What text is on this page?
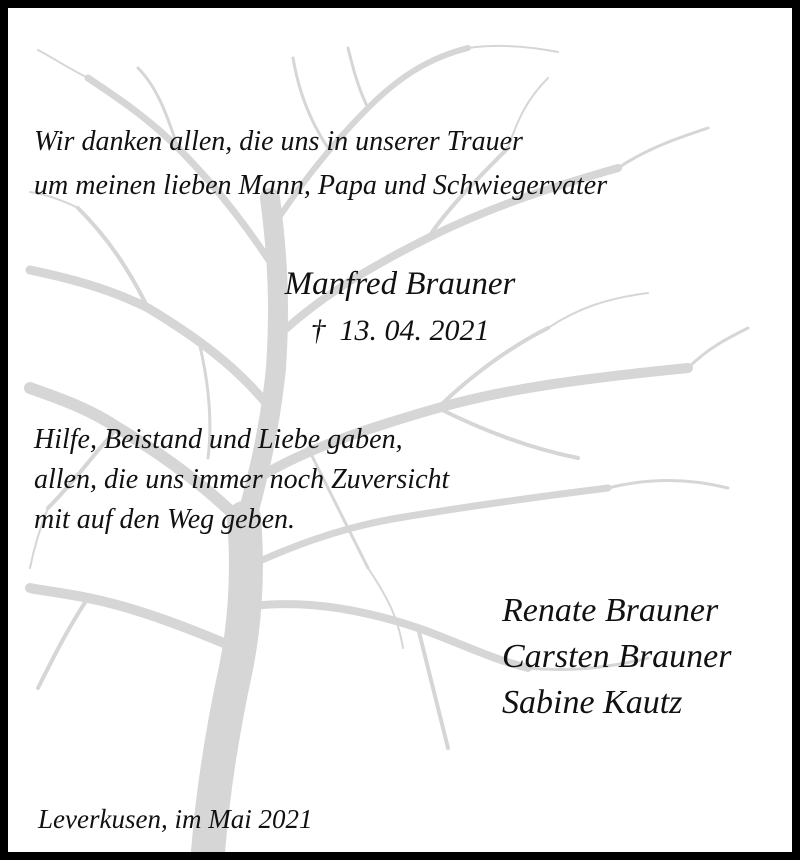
Wir danken allen, die uns in unserer Trauer
um meinen lieben Mann, Papa und Schwiegervater
Manfred Brauner
† 13. 04. 2021
Hilfe, Beistand und Liebe gaben,
allen, die uns immer noch Zuversicht
mit auf den Weg geben.
Renate Brauner
Carsten Brauner
Sabine Kautz
Leverkusen, im Mai 2021
